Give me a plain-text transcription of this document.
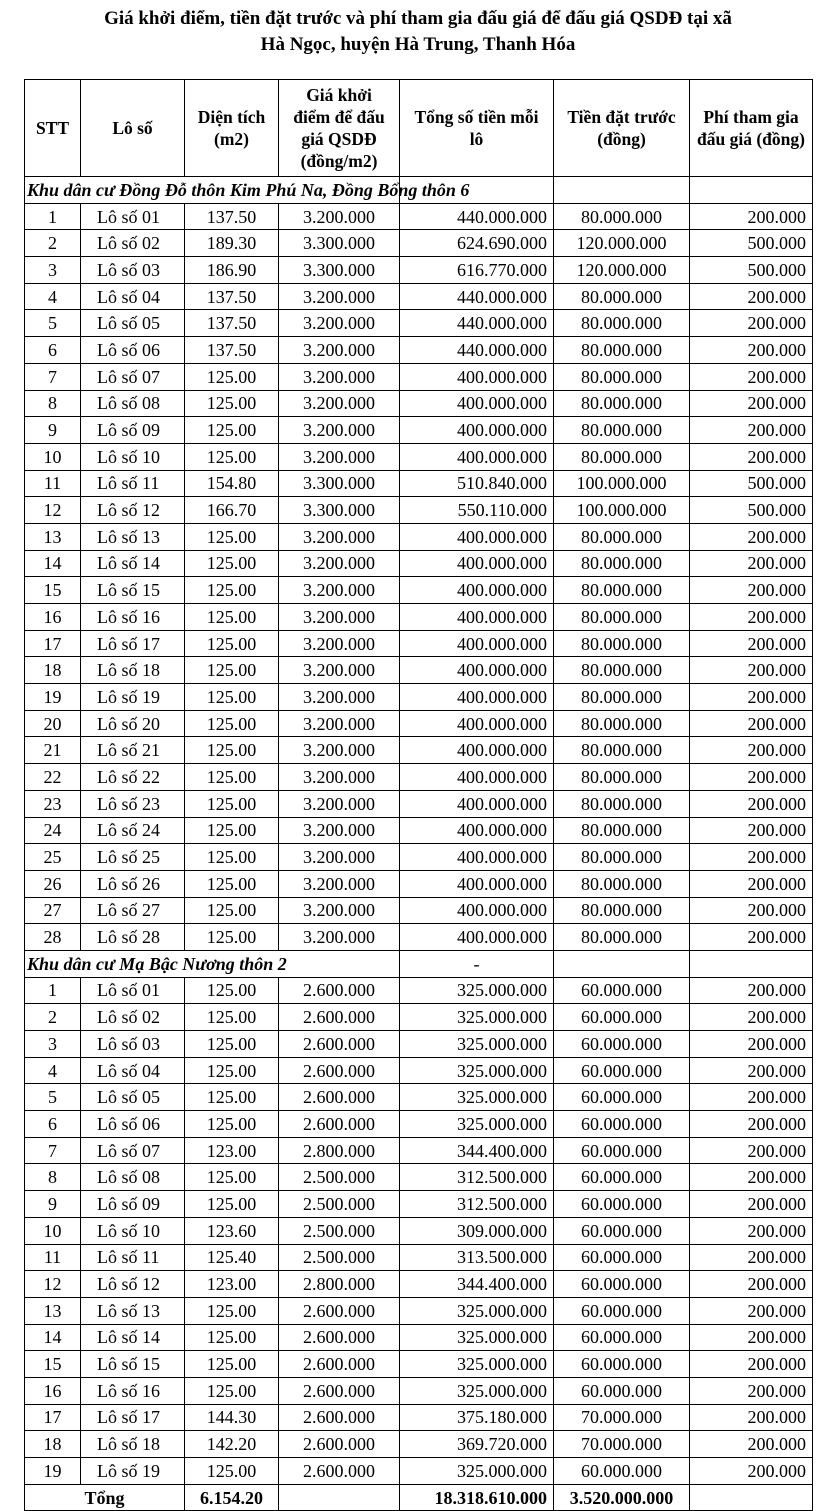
Giá khởi điểm, tiền đặt trước và phí tham gia đấu giá để đấu giá QSDĐ tại xã
Hà Ngọc, huyện Hà Trung, Thanh Hóa
STT	Lô số	Diện tích (m2)	Giá khởi điểm để đấu giá QSDĐ (đồng/m2)	Tổng số tiền mỗi lô	Tiền đặt trước (đồng)	Phí tham gia đấu giá (đồng)
Khu dân cư Đồng Đỗ thôn Kim Phú Na, Đồng Bổng thôn 6						
1	Lô số 01	137.50	3.200.000	440.000.000	80.000.000	200.000
2	Lô số 02	189.30	3.300.000	624.690.000	120.000.000	500.000
3	Lô số 03	186.90	3.300.000	616.770.000	120.000.000	500.000
4	Lô số 04	137.50	3.200.000	440.000.000	80.000.000	200.000
5	Lô số 05	137.50	3.200.000	440.000.000	80.000.000	200.000
6	Lô số 06	137.50	3.200.000	440.000.000	80.000.000	200.000
7	Lô số 07	125.00	3.200.000	400.000.000	80.000.000	200.000
8	Lô số 08	125.00	3.200.000	400.000.000	80.000.000	200.000
9	Lô số 09	125.00	3.200.000	400.000.000	80.000.000	200.000
10	Lô số 10	125.00	3.200.000	400.000.000	80.000.000	200.000
11	Lô số 11	154.80	3.300.000	510.840.000	100.000.000	500.000
12	Lô số 12	166.70	3.300.000	550.110.000	100.000.000	500.000
13	Lô số 13	125.00	3.200.000	400.000.000	80.000.000	200.000
14	Lô số 14	125.00	3.200.000	400.000.000	80.000.000	200.000
15	Lô số 15	125.00	3.200.000	400.000.000	80.000.000	200.000
16	Lô số 16	125.00	3.200.000	400.000.000	80.000.000	200.000
17	Lô số 17	125.00	3.200.000	400.000.000	80.000.000	200.000
18	Lô số 18	125.00	3.200.000	400.000.000	80.000.000	200.000
19	Lô số 19	125.00	3.200.000	400.000.000	80.000.000	200.000
20	Lô số 20	125.00	3.200.000	400.000.000	80.000.000	200.000
21	Lô số 21	125.00	3.200.000	400.000.000	80.000.000	200.000
22	Lô số 22	125.00	3.200.000	400.000.000	80.000.000	200.000
23	Lô số 23	125.00	3.200.000	400.000.000	80.000.000	200.000
24	Lô số 24	125.00	3.200.000	400.000.000	80.000.000	200.000
25	Lô số 25	125.00	3.200.000	400.000.000	80.000.000	200.000
26	Lô số 26	125.00	3.200.000	400.000.000	80.000.000	200.000
27	Lô số 27	125.00	3.200.000	400.000.000	80.000.000	200.000
28	Lô số 28	125.00	3.200.000	400.000.000	80.000.000	200.000
Khu dân cư Mạ Bậc Nương thôn 2				-		
1	Lô số 01	125.00	2.600.000	325.000.000	60.000.000	200.000
2	Lô số 02	125.00	2.600.000	325.000.000	60.000.000	200.000
3	Lô số 03	125.00	2.600.000	325.000.000	60.000.000	200.000
4	Lô số 04	125.00	2.600.000	325.000.000	60.000.000	200.000
5	Lô số 05	125.00	2.600.000	325.000.000	60.000.000	200.000
6	Lô số 06	125.00	2.600.000	325.000.000	60.000.000	200.000
7	Lô số 07	123.00	2.800.000	344.400.000	60.000.000	200.000
8	Lô số 08	125.00	2.500.000	312.500.000	60.000.000	200.000
9	Lô số 09	125.00	2.500.000	312.500.000	60.000.000	200.000
10	Lô số 10	123.60	2.500.000	309.000.000	60.000.000	200.000
11	Lô số 11	125.40	2.500.000	313.500.000	60.000.000	200.000
12	Lô số 12	123.00	2.800.000	344.400.000	60.000.000	200.000
13	Lô số 13	125.00	2.600.000	325.000.000	60.000.000	200.000
14	Lô số 14	125.00	2.600.000	325.000.000	60.000.000	200.000
15	Lô số 15	125.00	2.600.000	325.000.000	60.000.000	200.000
16	Lô số 16	125.00	2.600.000	325.000.000	60.000.000	200.000
17	Lô số 17	144.30	2.600.000	375.180.000	70.000.000	200.000
18	Lô số 18	142.20	2.600.000	369.720.000	70.000.000	200.000
19	Lô số 19	125.00	2.600.000	325.000.000	60.000.000	200.000
Tổng		6.154.20		18.318.610.000	3.520.000.000	
